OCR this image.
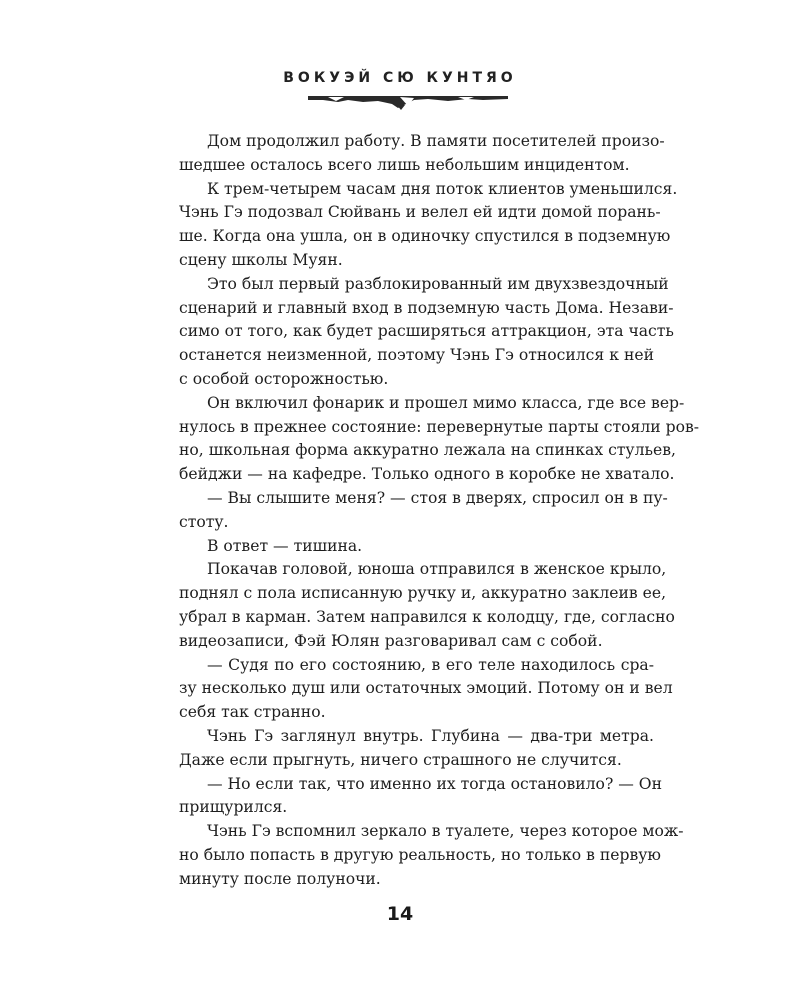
ВОКУЭЙ СЮ КУНТЯО
Дом продолжил работу. В памяти посетителей произо-
шедшее осталось всего лишь небольшим инцидентом.
К трем-четырем часам дня поток клиентов уменьшился.
Чэнь Гэ подозвал Сюйвань и велел ей идти домой порань-
ше. Когда она ушла, он в одиночку спустился в подземную
сцену школы Муян.
Это был первый разблокированный им двухзвездочный
сценарий и главный вход в подземную часть Дома. Незави-
симо от того, как будет расширяться аттракцион, эта часть
останется неизменной, поэтому Чэнь Гэ относился к ней
с особой осторожностью.
Он включил фонарик и прошел мимо класса, где все вер-
нулось в прежнее состояние: перевернутые парты стояли ров-
но, школьная форма аккуратно лежала на спинках стульев,
бейджи — на кафедре. Только одного в коробке не хватало.
— Вы слышите меня? — стоя в дверях, спросил он в пу-
стоту.
В ответ — тишина.
Покачав головой, юноша отправился в женское крыло,
поднял с пола исписанную ручку и, аккуратно заклеив ее,
убрал в карман. Затем направился к колодцу, где, согласно
видеозаписи, Фэй Юлян разговаривал сам с собой.
— Судя по его состоянию, в его теле находилось сра-
зу несколько душ или остаточных эмоций. Потому он и вел
себя так странно.
Чэнь Гэ заглянул внутрь. Глубина — два-три метра.
Даже если прыгнуть, ничего страшного не случится.
— Но если так, что именно их тогда остановило? — Он
прищурился.
Чэнь Гэ вспомнил зеркало в туалете, через которое мож-
но было попасть в другую реальность, но только в первую
минуту после полуночи.
14
